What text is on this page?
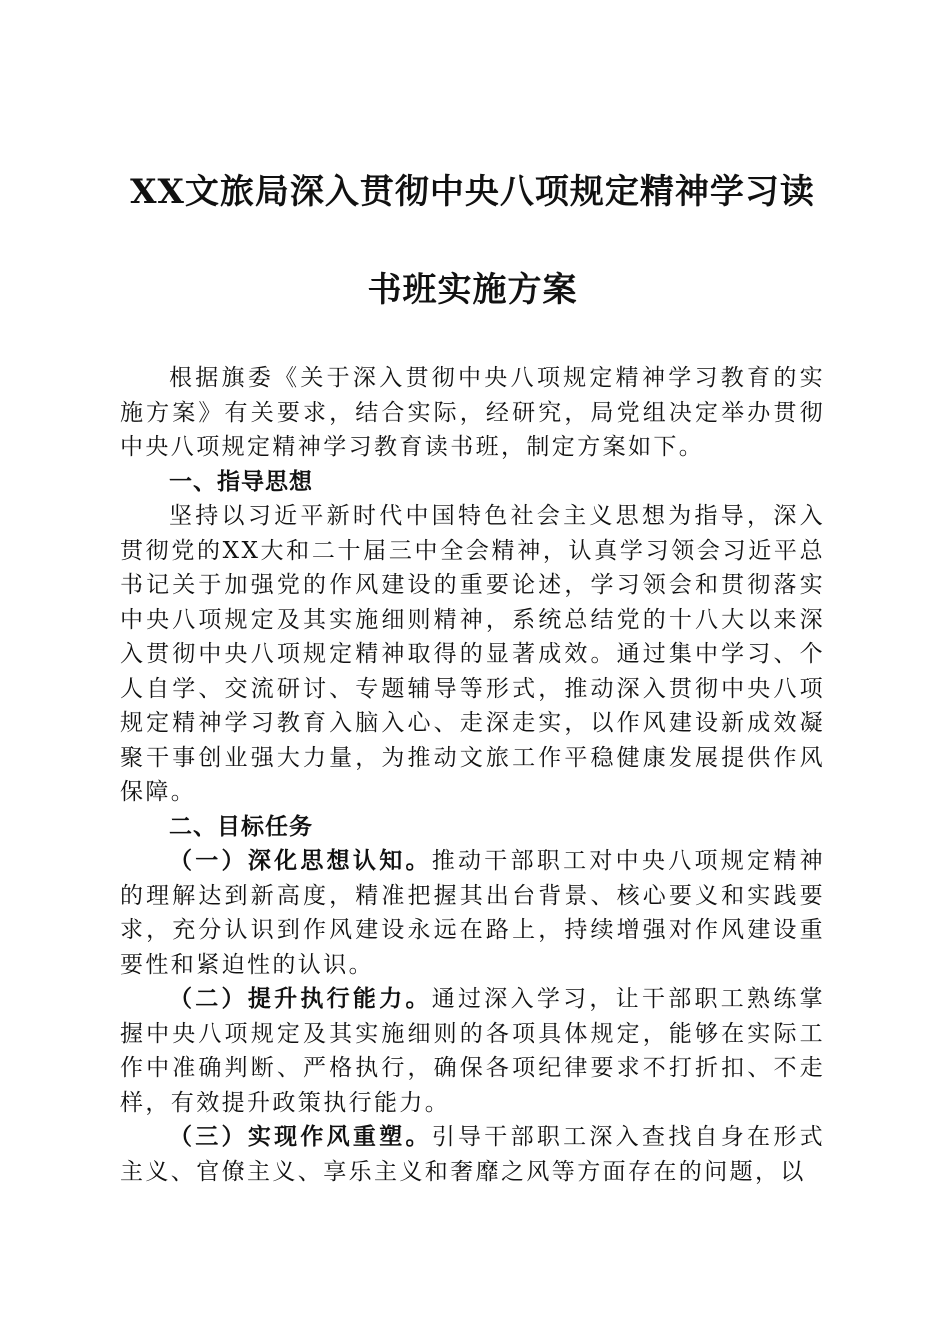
XX文旅局深入贯彻中央八项规定精神学习读
书班实施方案

根据旗委《关于深入贯彻中央八项规定精神学习教育的实施方案》有关要求，结合实际，经研究，局党组决定举办贯彻中央八项规定精神学习教育读书班，制定方案如下。

一、指导思想

坚持以习近平新时代中国特色社会主义思想为指导，深入贯彻党的XX大和二十届三中全会精神，认真学习领会习近平总书记关于加强党的作风建设的重要论述，学习领会和贯彻落实中央八项规定及其实施细则精神，系统总结党的十八大以来深入贯彻中央八项规定精神取得的显著成效。通过集中学习、个人自学、交流研讨、专题辅导等形式，推动深入贯彻中央八项规定精神学习教育入脑入心、走深走实，以作风建设新成效凝聚干事创业强大力量，为推动文旅工作平稳健康发展提供作风保障。

二、目标任务

（一）深化思想认知。推动干部职工对中央八项规定精神的理解达到新高度，精准把握其出台背景、核心要义和实践要求，充分认识到作风建设永远在路上，持续增强对作风建设重要性和紧迫性的认识。

（二）提升执行能力。通过深入学习，让干部职工熟练掌握中央八项规定及其实施细则的各项具体规定，能够在实际工作中准确判断、严格执行，确保各项纪律要求不打折扣、不走样，有效提升政策执行能力。

（三）实现作风重塑。引导干部职工深入查找自身在形式主义、官僚主义、享乐主义和奢靡之风等方面存在的问题，以
